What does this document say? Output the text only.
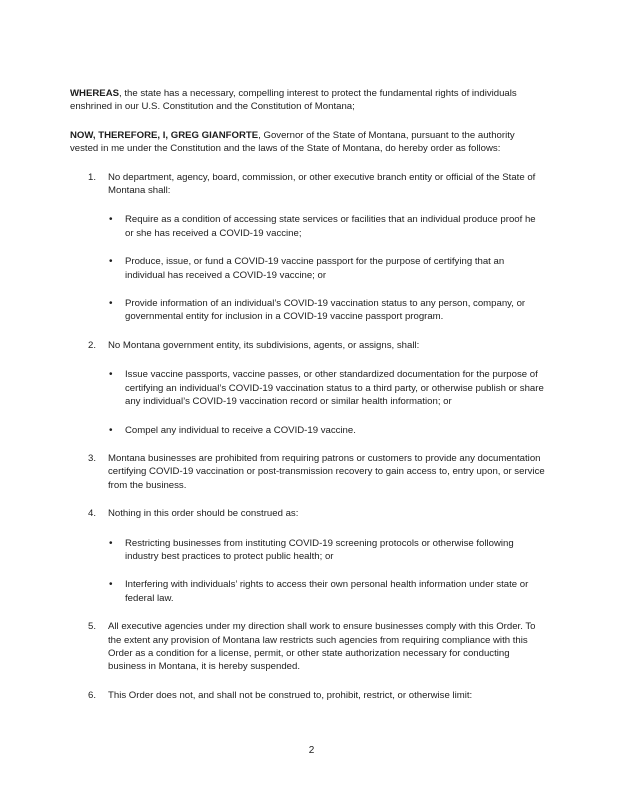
WHEREAS, the state has a necessary, compelling interest to protect the fundamental rights of individuals enshrined in our U.S. Constitution and the Constitution of Montana;

NOW, THEREFORE, I, GREG GIANFORTE, Governor of the State of Montana, pursuant to the authority vested in me under the Constitution and the laws of the State of Montana, do hereby order as follows:

1. No department, agency, board, commission, or other executive branch entity or official of the State of Montana shall:

• Require as a condition of accessing state services or facilities that an individual produce proof he or she has received a COVID-19 vaccine;
• Produce, issue, or fund a COVID-19 vaccine passport for the purpose of certifying that an individual has received a COVID-19 vaccine; or
• Provide information of an individual’s COVID-19 vaccination status to any person, company, or governmental entity for inclusion in a COVID-19 vaccine passport program.
2. No Montana government entity, its subdivisions, agents, or assigns, shall:

• Issue vaccine passports, vaccine passes, or other standardized documentation for the purpose of certifying an individual’s COVID-19 vaccination status to a third party, or otherwise publish or share any individual’s COVID-19 vaccination record or similar health information; or
• Compel any individual to receive a COVID-19 vaccine.
3. Montana businesses are prohibited from requiring patrons or customers to provide any documentation certifying COVID-19 vaccination or post-transmission recovery to gain access to, entry upon, or service from the business.

4. Nothing in this order should be construed as:

• Restricting businesses from instituting COVID-19 screening protocols or otherwise following industry best practices to protect public health; or
• Interfering with individuals’ rights to access their own personal health information under state or federal law.
5. All executive agencies under my direction shall work to ensure businesses comply with this Order. To the extent any provision of Montana law restricts such agencies from requiring compliance with this Order as a condition for a license, permit, or other state authorization necessary for conducting business in Montana, it is hereby suspended.

6. This Order does not, and shall not be construed to, prohibit, restrict, or otherwise limit:

2
